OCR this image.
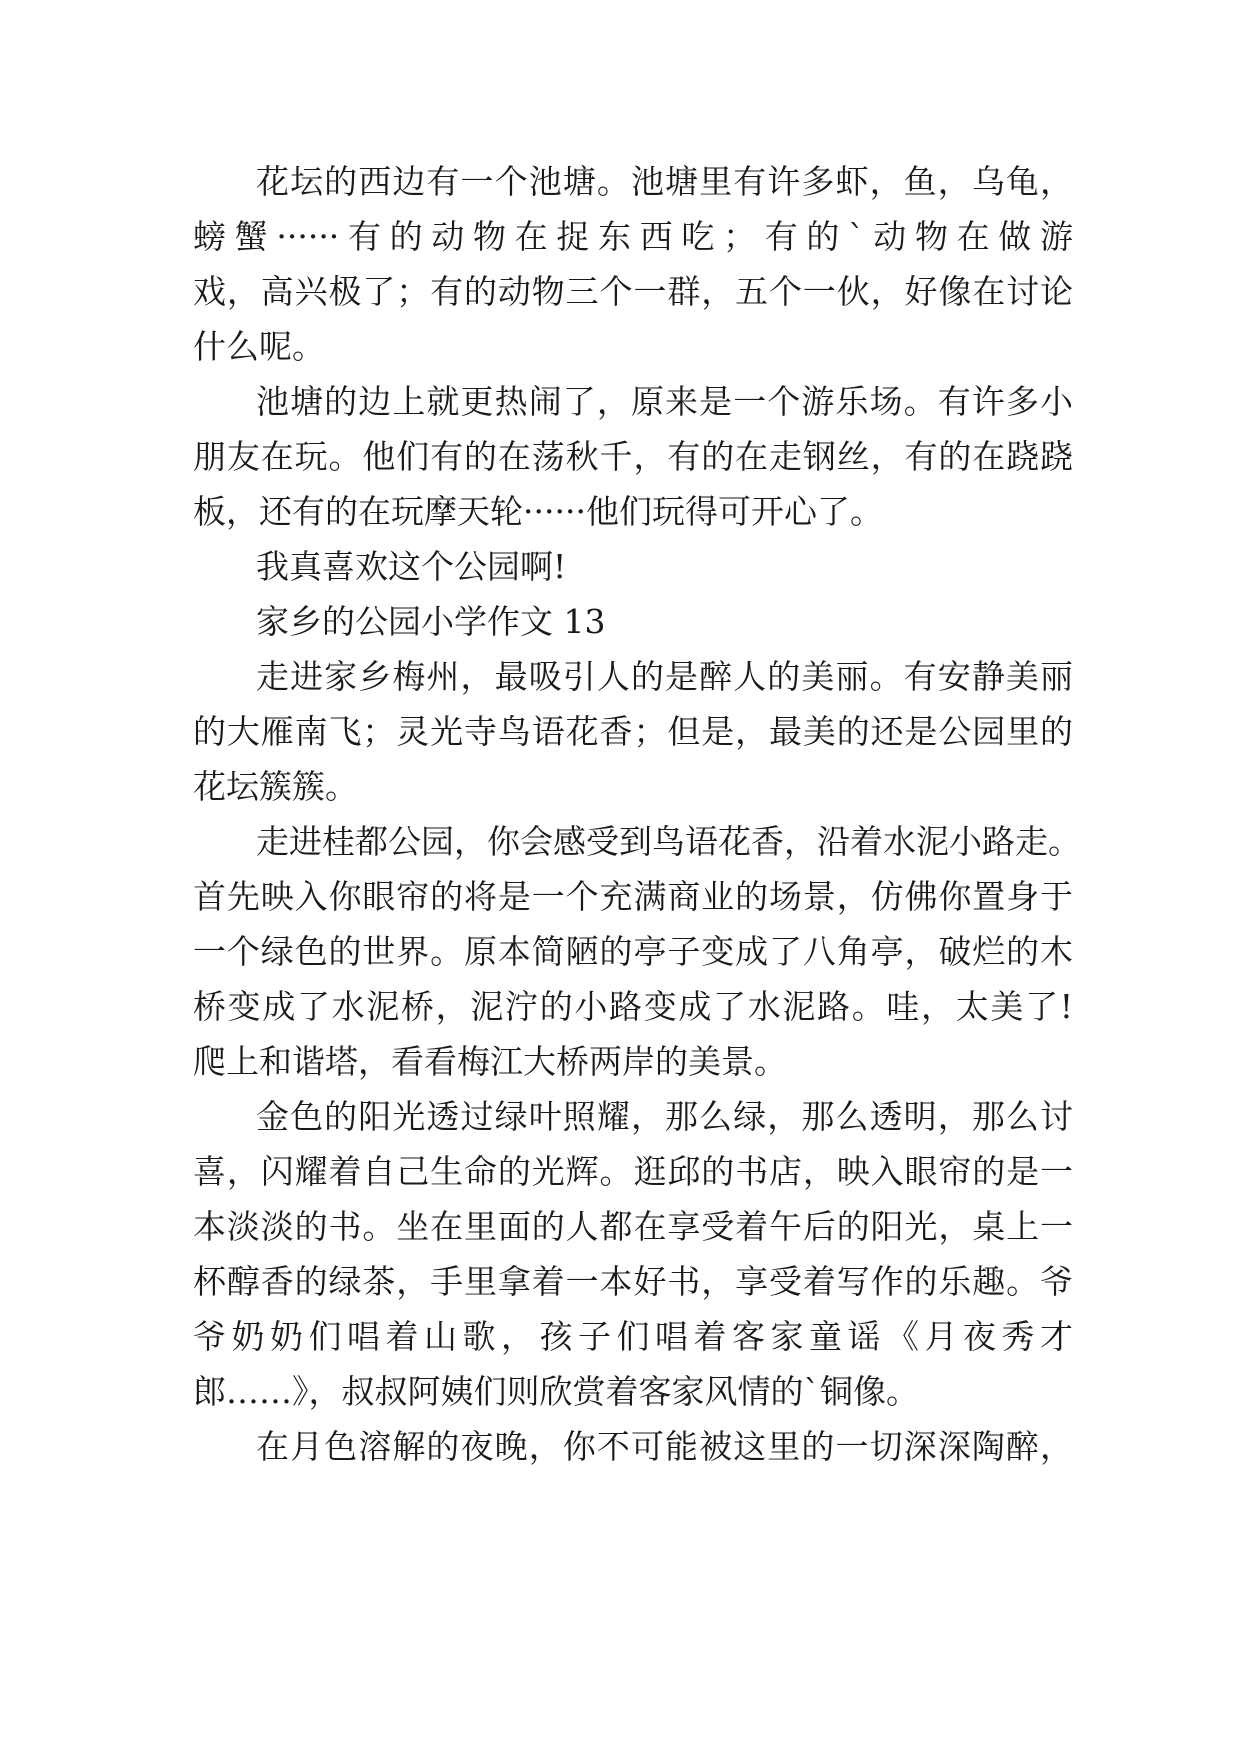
花坛的西边有一个池塘。池塘里有许多虾，鱼，乌龟，
螃蟹······有的动物在捉东西吃；有的`动物在做游
戏，高兴极了；有的动物三个一群，五个一伙，好像在讨论
什么呢。
池塘的边上就更热闹了，原来是一个游乐场。有许多小
朋友在玩。他们有的在荡秋千，有的在走钢丝，有的在跷跷
板，还有的在玩摩天轮······他们玩得可开心了。
我真喜欢这个公园啊!
家乡的公园小学作文 13
走进家乡梅州，最吸引人的是醉人的美丽。有安静美丽
的大雁南飞；灵光寺鸟语花香；但是，最美的还是公园里的
花坛簇簇。
走进桂都公园，你会感受到鸟语花香，沿着水泥小路走。
首先映入你眼帘的将是一个充满商业的场景，仿佛你置身于
一个绿色的世界。原本简陋的亭子变成了八角亭，破烂的木
桥变成了水泥桥，泥泞的小路变成了水泥路。哇，太美了!
爬上和谐塔，看看梅江大桥两岸的美景。
金色的阳光透过绿叶照耀，那么绿，那么透明，那么讨
喜，闪耀着自己生命的光辉。逛邱的书店，映入眼帘的是一
本淡淡的书。坐在里面的人都在享受着午后的阳光，桌上一
杯醇香的绿茶，手里拿着一本好书，享受着写作的乐趣。爷
爷奶奶们唱着山歌，孩子们唱着客家童谣《月夜秀才
郎……》，叔叔阿姨们则欣赏着客家风情的`铜像。
在月色溶解的夜晚，你不可能被这里的一切深深陶醉，
